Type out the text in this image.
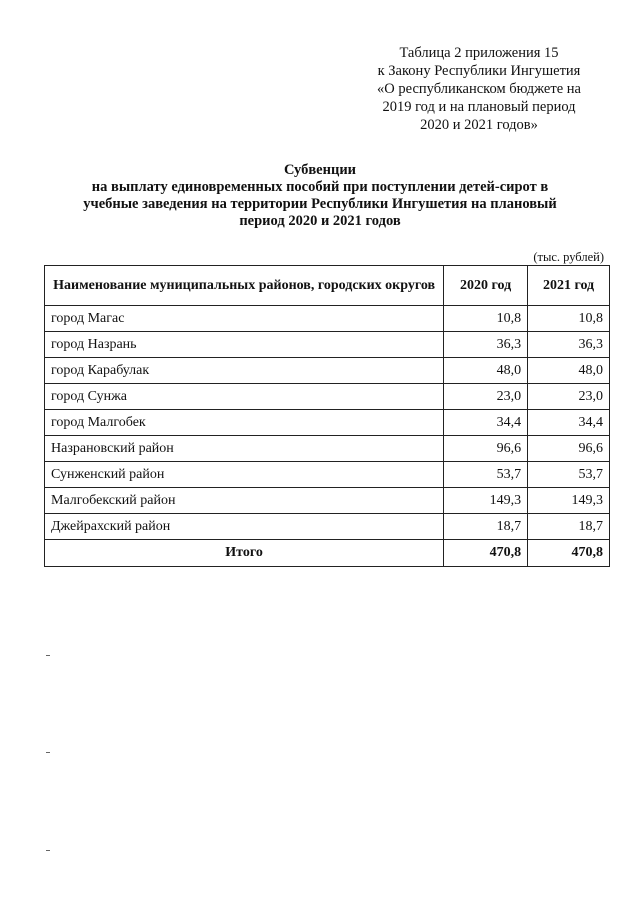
Таблица 2 приложения 15
к Закону Республики Ингушетия
«О республиканском бюджете на
2019 год и на плановый период
2020 и 2021 годов»
Субвенции
на выплату единовременных пособий при поступлении детей-сирот в
учебные заведения на территории Республики Ингушетия на плановый
период 2020 и 2021 годов
(тыс. рублей)
Наименование муниципальных районов, городских округов	2020 год	2021 год
город Магас	10,8	10,8
город Назрань	36,3	36,3
город Карабулак	48,0	48,0
город Сунжа	23,0	23,0
город Малгобек	34,4	34,4
Назрановский район	96,6	96,6
Сунженский район	53,7	53,7
Малгобекский район	149,3	149,3
Джейрахский район	18,7	18,7
Итого	470,8	470,8
